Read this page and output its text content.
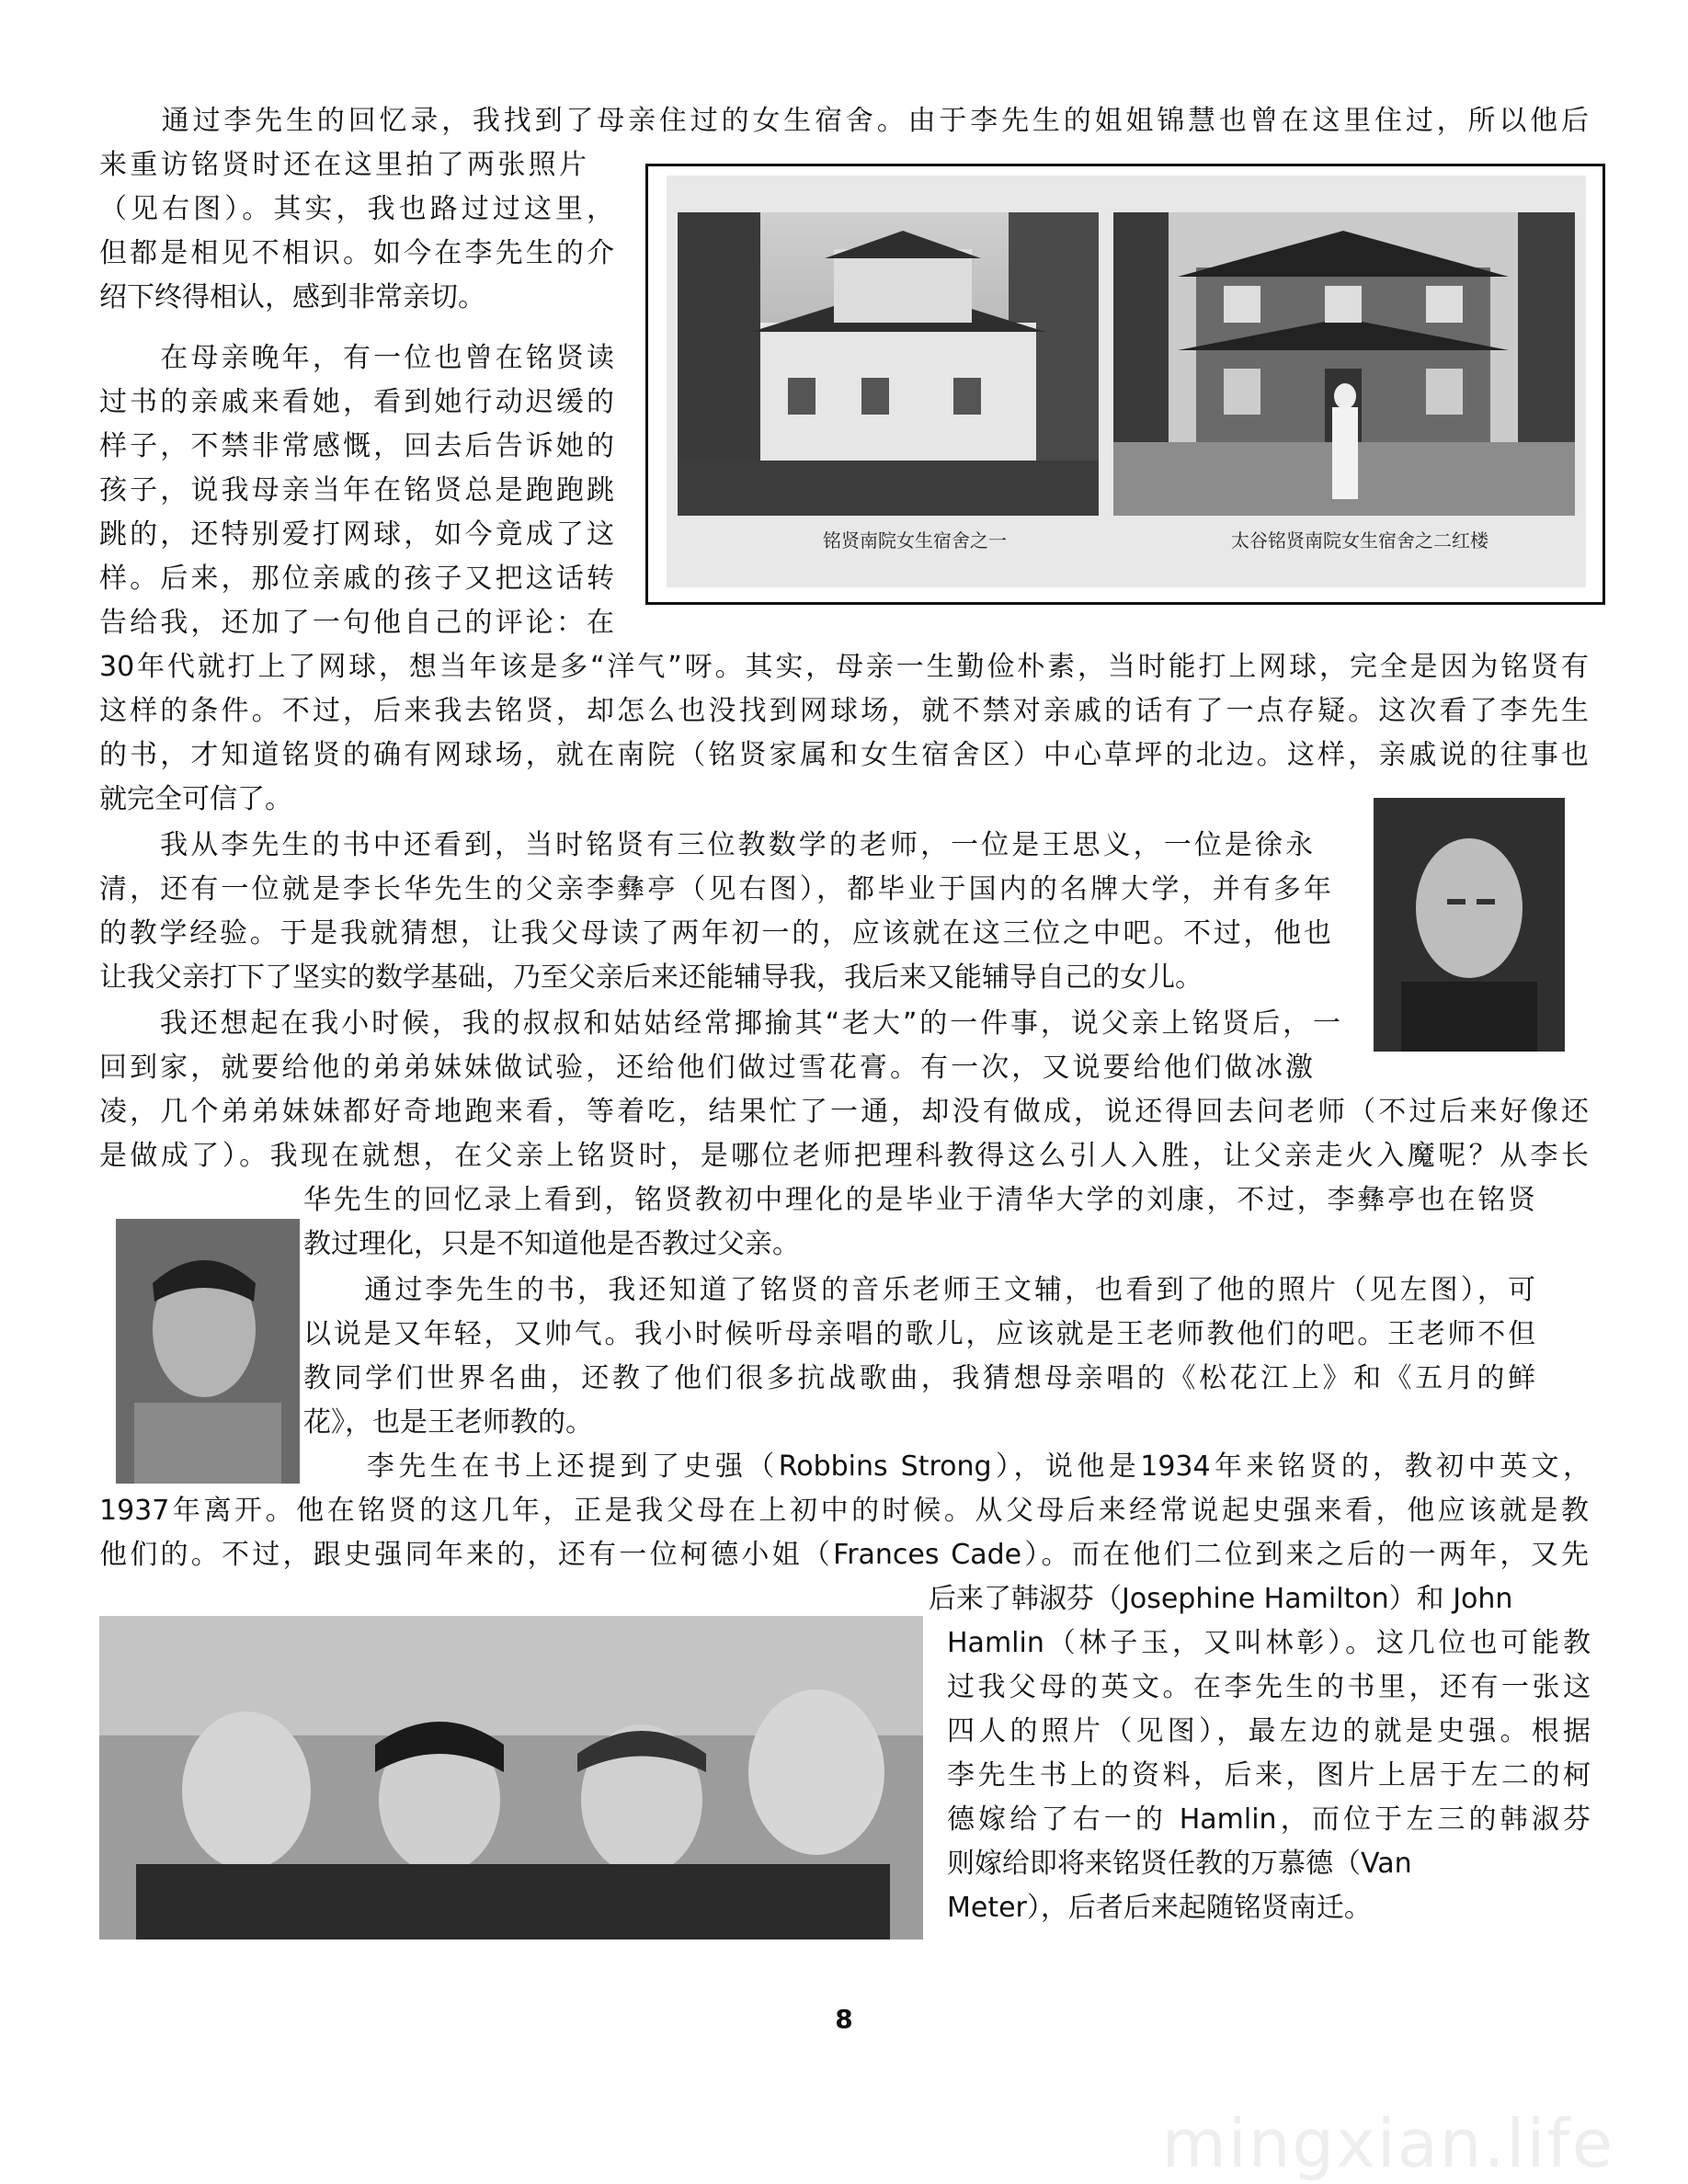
　　通过李先生的回忆录，我找到了母亲住过的女生宿舍。由于李先生的姐姐锦慧也曾在这里住过，所以他后
来重访铭贤时还在这里拍了两张照片
（见右图）。其实，我也路过过这里，
但都是相见不相识。如今在李先生的介
绍下终得相认，感到非常亲切。
　　在母亲晚年，有一位也曾在铭贤读
过书的亲戚来看她，看到她行动迟缓的
样子，不禁非常感慨，回去后告诉她的
孩子，说我母亲当年在铭贤总是跑跑跳
跳的，还特别爱打网球，如今竟成了这
样。后来，那位亲戚的孩子又把这话转
告给我，还加了一句他自己的评论：在
30年代就打上了网球，想当年该是多“洋气”呀。其实，母亲一生勤俭朴素，当时能打上网球，完全是因为铭贤有
这样的条件。不过，后来我去铭贤，却怎么也没找到网球场，就不禁对亲戚的话有了一点存疑。这次看了李先生
的书，才知道铭贤的确有网球场，就在南院（铭贤家属和女生宿舍区）中心草坪的北边。这样，亲戚说的往事也
就完全可信了。
　　我从李先生的书中还看到，当时铭贤有三位教数学的老师，一位是王思义，一位是徐永
清，还有一位就是李长华先生的父亲李彝亭（见右图），都毕业于国内的名牌大学，并有多年
的教学经验。于是我就猜想，让我父母读了两年初一的，应该就在这三位之中吧。不过，他也
让我父亲打下了坚实的数学基础，乃至父亲后来还能辅导我，我后来又能辅导自己的女儿。
　　我还想起在我小时候，我的叔叔和姑姑经常揶揄其“老大”的一件事，说父亲上铭贤后，一
回到家，就要给他的弟弟妹妹做试验，还给他们做过雪花膏。有一次，又说要给他们做冰激
凌，几个弟弟妹妹都好奇地跑来看，等着吃，结果忙了一通，却没有做成，说还得回去问老师（不过后来好像还
是做成了）。我现在就想，在父亲上铭贤时，是哪位老师把理科教得这么引人入胜，让父亲走火入魔呢？从李长
华先生的回忆录上看到，铭贤教初中理化的是毕业于清华大学的刘康，不过，李彝亭也在铭贤
教过理化，只是不知道他是否教过父亲。
　　通过李先生的书，我还知道了铭贤的音乐老师王文辅，也看到了他的照片（见左图），可
以说是又年轻，又帅气。我小时候听母亲唱的歌儿，应该就是王老师教他们的吧。王老师不但
教同学们世界名曲，还教了他们很多抗战歌曲，我猜想母亲唱的《松花江上》和《五月的鲜
花》，也是王老师教的。
　　李先生在书上还提到了史强（Robbins Strong），说他是1934年来铭贤的，教初中英文，
1937年离开。他在铭贤的这几年，正是我父母在上初中的时候。从父母后来经常说起史强来看，他应该就是教
他们的。不过，跟史强同年来的，还有一位柯德小姐（Frances Cade）。而在他们二位到来之后的一两年，又先
后来了韩淑芬（Josephine Hamilton）和 John
Hamlin（林子玉，又叫林彰）。这几位也可能教
过我父母的英文。在李先生的书里，还有一张这
四人的照片（见图），最左边的就是史强。根据
李先生书上的资料，后来，图片上居于左二的柯
德嫁给了右一的 Hamlin，而位于左三的韩淑芬
则嫁给即将来铭贤任教的万慕德（Van
Meter），后者后来起随铭贤南迁。
铭贤南院女生宿舍之一	太谷铭贤南院女生宿舍之二红楼
8
mingxian.life
